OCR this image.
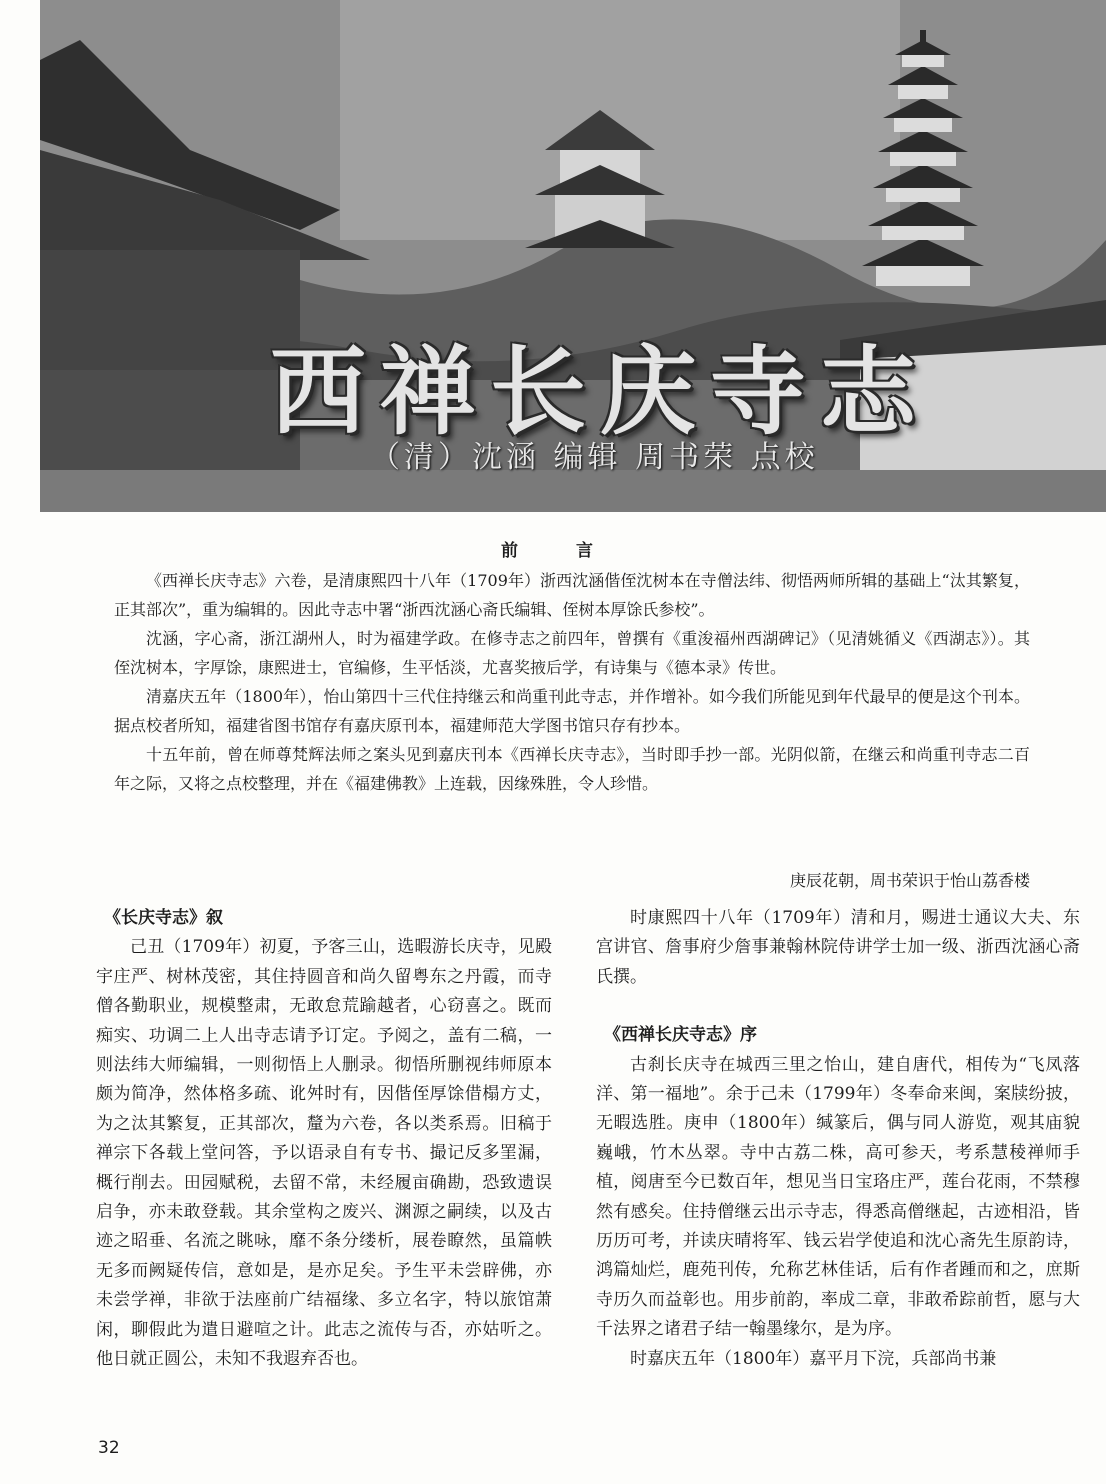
西禅长庆寺志
（清）沈涵 编辑 周书荣 点校
前 言

《西禅长庆寺志》六卷，是清康熙四十八年（1709年）浙西沈涵偕侄沈树本在寺僧法纬、彻悟两师所辑的基础上“汰其繁复，正其部次”，重为编辑的。因此寺志中署“浙西沈涵心斋氏编辑、侄树本厚馀氏参校”。

沈涵，字心斋，浙江湖州人，时为福建学政。在修寺志之前四年，曾撰有《重浚福州西湖碑记》（见清姚循义《西湖志》）。其侄沈树本，字厚馀，康熙进士，官编修，生平恬淡，尤喜奖掖后学，有诗集与《德本录》传世。

清嘉庆五年（1800年），怡山第四十三代住持继云和尚重刊此寺志，并作增补。如今我们所能见到年代最早的便是这个刊本。据点校者所知，福建省图书馆存有嘉庆原刊本，福建师范大学图书馆只存有抄本。

十五年前，曾在师尊梵辉法师之案头见到嘉庆刊本《西禅长庆寺志》，当时即手抄一部。光阴似箭，在继云和尚重刊寺志二百年之际，又将之点校整理，并在《福建佛教》上连载，因缘殊胜，令人珍惜。

庚辰花朝，周书荣识于怡山荔香楼
《长庆寺志》叙

己丑（1709年）初夏，予客三山，选暇游长庆寺，见殿宇庄严、树林茂密，其住持圆音和尚久留粤东之丹霞，而寺僧各勤职业，规模整肃，无敢怠荒踰越者，心窃喜之。既而痴实、功调二上人出寺志请予订定。予阅之，盖有二稿，一则法纬大师编辑，一则彻悟上人删录。彻悟所删视纬师原本颇为简净，然体格多疏、讹舛时有，因偕侄厚馀借榻方丈，为之汰其繁复，正其部次，釐为六卷，各以类系焉。旧稿于禅宗下各载上堂问答，予以语录自有专书、撮记反多罣漏，概行削去。田园赋税，去留不常，未经履亩确勘，恐致遗误启争，亦未敢登载。其余堂构之废兴、渊源之嗣续，以及古迹之昭垂、名流之眺咏，靡不条分缕析，展卷瞭然，虽篇帙无多而阙疑传信，意如是，是亦足矣。予生平未尝辟佛，亦未尝学禅，非欲于法座前广结福缘、多立名字，特以旅馆萧闲，聊假此为遣日避喧之计。此志之流传与否，亦姑听之。他日就正圆公，未知不我遐弃否也。

时康熙四十八年（1709年）清和月，赐进士通议大夫、东宫讲官、詹事府少詹事兼翰林院侍讲学士加一级、浙西沈涵心斋氏撰。

《西禅长庆寺志》序

古刹长庆寺在城西三里之怡山，建自唐代，相传为“飞凤落洋、第一福地”。余于己未（1799年）冬奉命来闽，案牍纷披，无暇选胜。庚申（1800年）缄篆后，偶与同人游览，观其庙貌巍峨，竹木丛翠。寺中古荔二株，高可参天，考系慧稜禅师手植，阅唐至今已数百年，想见当日宝珞庄严，莲台花雨，不禁穆然有感矣。住持僧继云出示寺志，得悉高僧继起，古迹相沿，皆历历可考，并读庆晴将军、钱云岩学使追和沈心斋先生原韵诗，鸿篇灿烂，鹿苑刊传，允称艺林佳话，后有作者踵而和之，庶斯寺历久而益彰也。用步前韵，率成二章，非敢希踪前哲，愿与大千法界之诸君子结一翰墨缘尔，是为序。

时嘉庆五年（1800年）嘉平月下浣，兵部尚书兼

32
